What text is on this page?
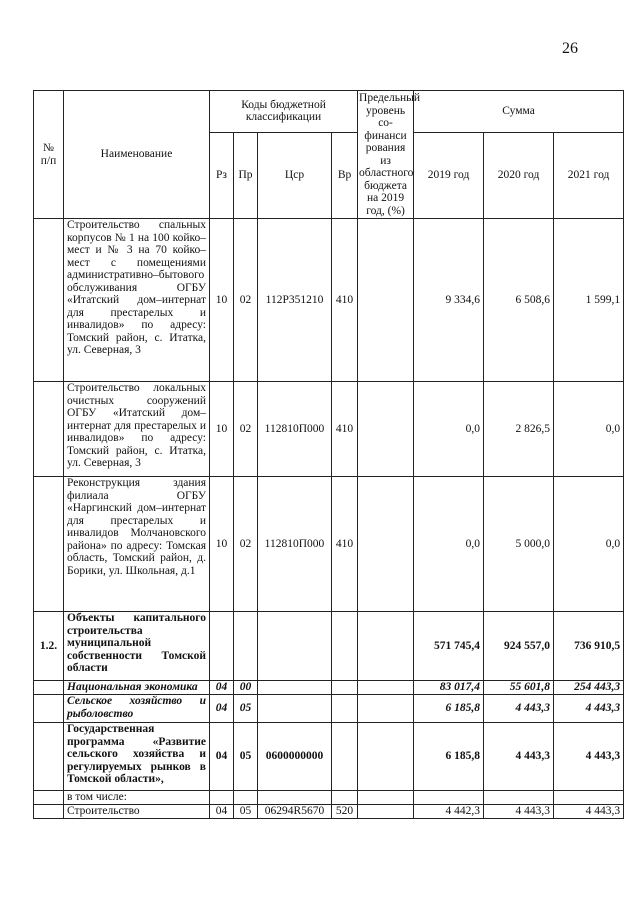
26
№
п/п	Наименование	Коды бюджетной классификации				Предельный уровень со-финанси рования из областного бюджета на 2019 год, (%)	Сумма		
		Рз	Пр	Цср	Вр		2019 год	2020 год	2021 год
	Строительство спальных корпусов № 1 на 100 койко–мест и № 3 на 70 койко–мест с помещениями административно–бытового обслуживания ОГБУ «Итатский дом–интернат для престарелых и инвалидов» по адресу: Томский район, с. Итатка, ул. Северная, 3	10	02	112Р351210	410		9 334,6	6 508,6	1 599,1
	Строительство локальных очистных сооружений ОГБУ «Итатский дом–интернат для престарелых и инвалидов» по адресу: Томский район, с. Итатка, ул. Северная, 3	10	02	112810П000	410		0,0	2 826,5	0,0
	Реконструкция здания филиала ОГБУ «Наргинский дом–интернат для престарелых и инвалидов Молчановского района» по адресу: Томская область, Томский район, д. Борики, ул. Школьная, д.1	10	02	112810П000	410		0,0	5 000,0	0,0
1.2.	Объекты капитального строительства муниципальной собственности Томской области						571 745,4	924 557,0	736 910,5
	Национальная экономика	04	00				83 017,4	55 601,8	254 443,3
	Сельское хозяйство и рыболовство	04	05				6 185,8	4 443,3	4 443,3
	Государственная программа «Развитие сельского хозяйства и регулируемых рынков в Томской области»,	04	05	0600000000			6 185,8	4 443,3	4 443,3
	в том числе:								
	Строительство	04	05	06294R5670	520		4 442,3	4 443,3	4 443,3
